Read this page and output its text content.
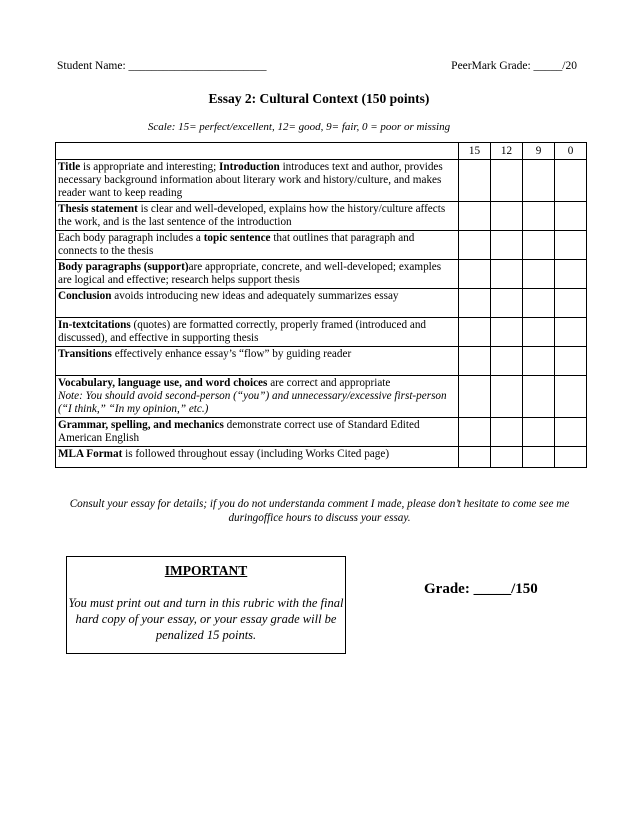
Student Name: ________________________	PeerMark Grade: _____/20
Essay 2: Cultural Context (150 points)
Scale: 15= perfect/excellent, 12= good, 9= fair, 0 = poor or missing
	15	12	9	0
Title is appropriate and interesting; Introduction introduces text and author, provides necessary background information about literary work and history/culture, and makes reader want to keep reading				
Thesis statement is clear and well-developed, explains how the history/culture affects the work, and is the last sentence of the introduction				
Each body paragraph includes a topic sentence that outlines that paragraph and connects to the thesis				
Body paragraphs (support)are appropriate, concrete, and well-developed; examples are logical and effective; research helps support thesis				
Conclusion avoids introducing new ideas and adequately summarizes essay				
In-textcitations (quotes) are formatted correctly, properly framed (introduced and discussed), and effective in supporting thesis				
Transitions effectively enhance essay’s “flow” by guiding reader				
Vocabulary, language use, and word choices are correct and appropriate
Note: You should avoid second-person (“you”) and unnecessary/excessive first-person (“I think,” “In my opinion,” etc.)				
Grammar, spelling, and mechanics demonstrate correct use of Standard Edited American English				
MLA Format is followed throughout essay (including Works Cited page)				
Consult your essay for details; if you do not understanda comment I made, please don’t hesitate to come see me duringoffice hours to discuss your essay.
IMPORTANT
You must print out and turn in this rubric with the final hard copy of your essay, or your essay grade will be penalized 15 points.
Grade: _____/150
